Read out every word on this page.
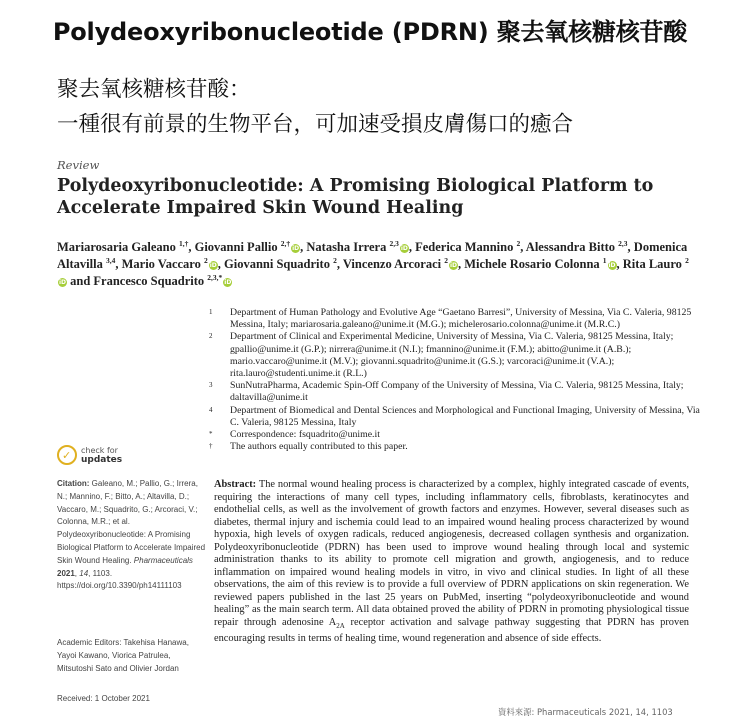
Polydeoxyribonucleotide (PDRN) 聚去氧核糖核苷酸
聚去氧核糖核苷酸：
一種很有前景的生物平台，可加速受損皮膚傷口的癒合
Review
Polydeoxyribonucleotide: A Promising Biological Platform to
Accelerate Impaired Skin Wound Healing
Mariarosaria Galeano $^{1,\dagger}$, Giovanni Pallio $^{2,\dagger}$iD, Natasha Irrera $^{2,3}$iD, Federica Mannino $^2$, Alessandra Bitto $^{2,3}$, Domenica Altavilla $^{3,4}$, Mario Vaccaro $^2$iD, Giovanni Squadrito $^2$, Vincenzo Arcoraci $^2$iD, Michele Rosario Colonna $^1$iD, Rita Lauro $^2$iD and Francesco Squadrito $^{2,3,*}$iD
1 Department of Human Pathology and Evolutive Age “Gaetano Barresi”, University of Messina, Via C. Valeria, 98125 Messina, Italy; mariarosaria.galeano@unime.it (M.G.); michelerosario.colonna@unime.it (M.R.C.)
2 Department of Clinical and Experimental Medicine, University of Messina, Via C. Valeria, 98125 Messina, Italy; gpallio@unime.it (G.P.); nirrera@unime.it (N.I.); fmannino@unime.it (F.M.); abitto@unime.it (A.B.); mario.vaccaro@unime.it (M.V.); giovanni.squadrito@unime.it (G.S.); varcoraci@unime.it (V.A.); rita.lauro@studenti.unime.it (R.L.)
3 SunNutraPharma, Academic Spin-Off Company of the University of Messina, Via C. Valeria, 98125 Messina, Italy; daltavilla@unime.it
4 Department of Biomedical and Dental Sciences and Morphological and Functional Imaging, University of Messina, Via C. Valeria, 98125 Messina, Italy
* Correspondence: fsquadrito@unime.it
† The authors equally contributed to this paper.
✓ check for
updates
Citation: Galeano, M.; Pallio, G.; Irrera, N.; Mannino, F.; Bitto, A.; Altavilla, D.; Vaccaro, M.; Squadrito, G.; Arcoraci, V.; Colonna, M.R.; et al. Polydeoxyribonucleotide: A Promising Biological Platform to Accelerate Impaired Skin Wound Healing. Pharmaceuticals 2021, 14, 1103. https://doi.org/10.3390/ph14111103
Academic Editors: Takehisa Hanawa, Yayoi Kawano, Viorica Patrulea, Mitsutoshi Sato and Olivier Jordan
Received: 1 October 2021
Abstract: The normal wound healing process is characterized by a complex, highly integrated cascade of events, requiring the interactions of many cell types, including inflammatory cells, fibroblasts, keratinocytes and endothelial cells, as well as the involvement of growth factors and enzymes. However, several diseases such as diabetes, thermal injury and ischemia could lead to an impaired wound healing process characterized by wound hypoxia, high levels of oxygen radicals, reduced angiogenesis, decreased collagen synthesis and organization. Polydeoxyribonucleotide (PDRN) has been used to improve wound healing through local and systemic administration thanks to its ability to promote cell migration and growth, angiogenesis, and to reduce inflammation on impaired wound healing models in vitro, in vivo and clinical studies. In light of all these observations, the aim of this review is to provide a full overview of PDRN applications on skin regeneration. We reviewed papers published in the last 25 years on PubMed, inserting “polydeoxyribonucleotide and wound healing” as the main search term. All data obtained proved the ability of PDRN in promoting physiological tissue repair through adenosine $A_{2A}$ receptor activation and salvage pathway suggesting that PDRN has proven encouraging results in terms of healing time, wound regeneration and absence of side effects.
資料來源: Pharmaceuticals 2021, 14, 1103
